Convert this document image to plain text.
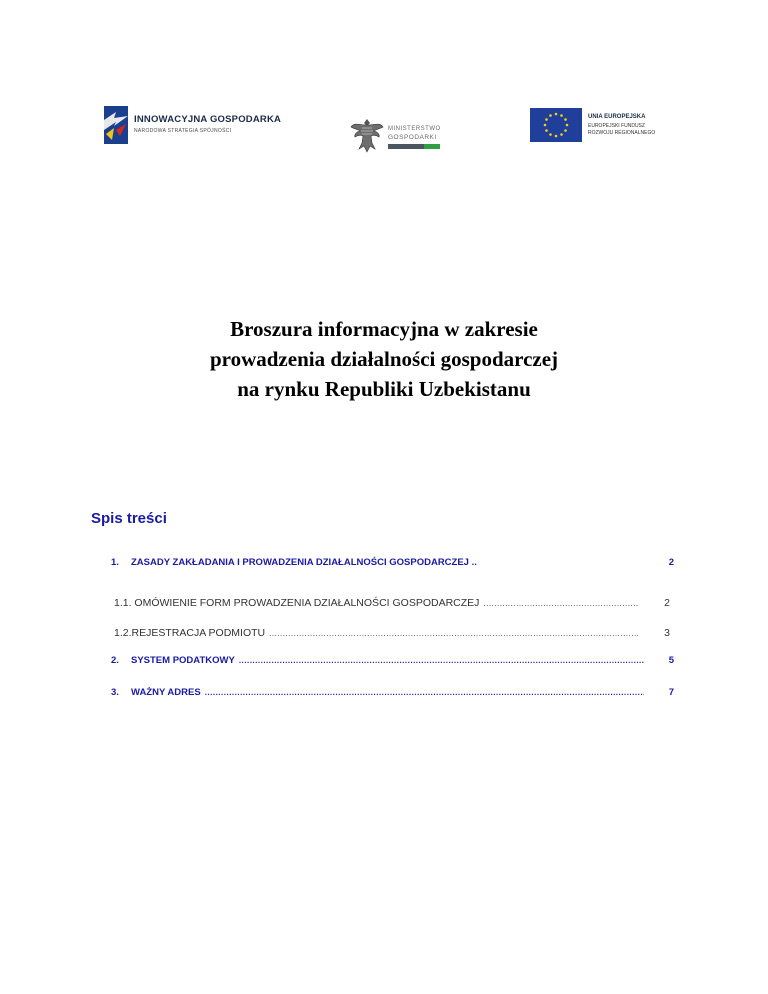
INNOWACYJNA GOSPODARKA
NARODOWA STRATEGIA SPÓJNOŚCI	MINISTERSTWO
GOSPODARKI
UNIA EUROPEJSKA
EUROPEJSKI FUNDUSZ
ROZWOJU REGIONALNEGO
Broszura informacyjna w zakresie
prowadzenia działalności gospodarczej
na rynku Republiki Uzbekistanu
Spis treści
1.	ZASADY ZAKŁADANIA I PROWADZENIA DZIAŁALNOŚCI GOSPODARCZEJ ..	2
1.1. OMÓWIENIE FORM PROWADZENIA DZIAŁALNOŚCI GOSPODARCZEJ .....	2
1.2.REJESTRACJA PODMIOTU .....	3
2.	SYSTEM PODATKOWY .....	5
3.	WAŻNY ADRES .....	7
